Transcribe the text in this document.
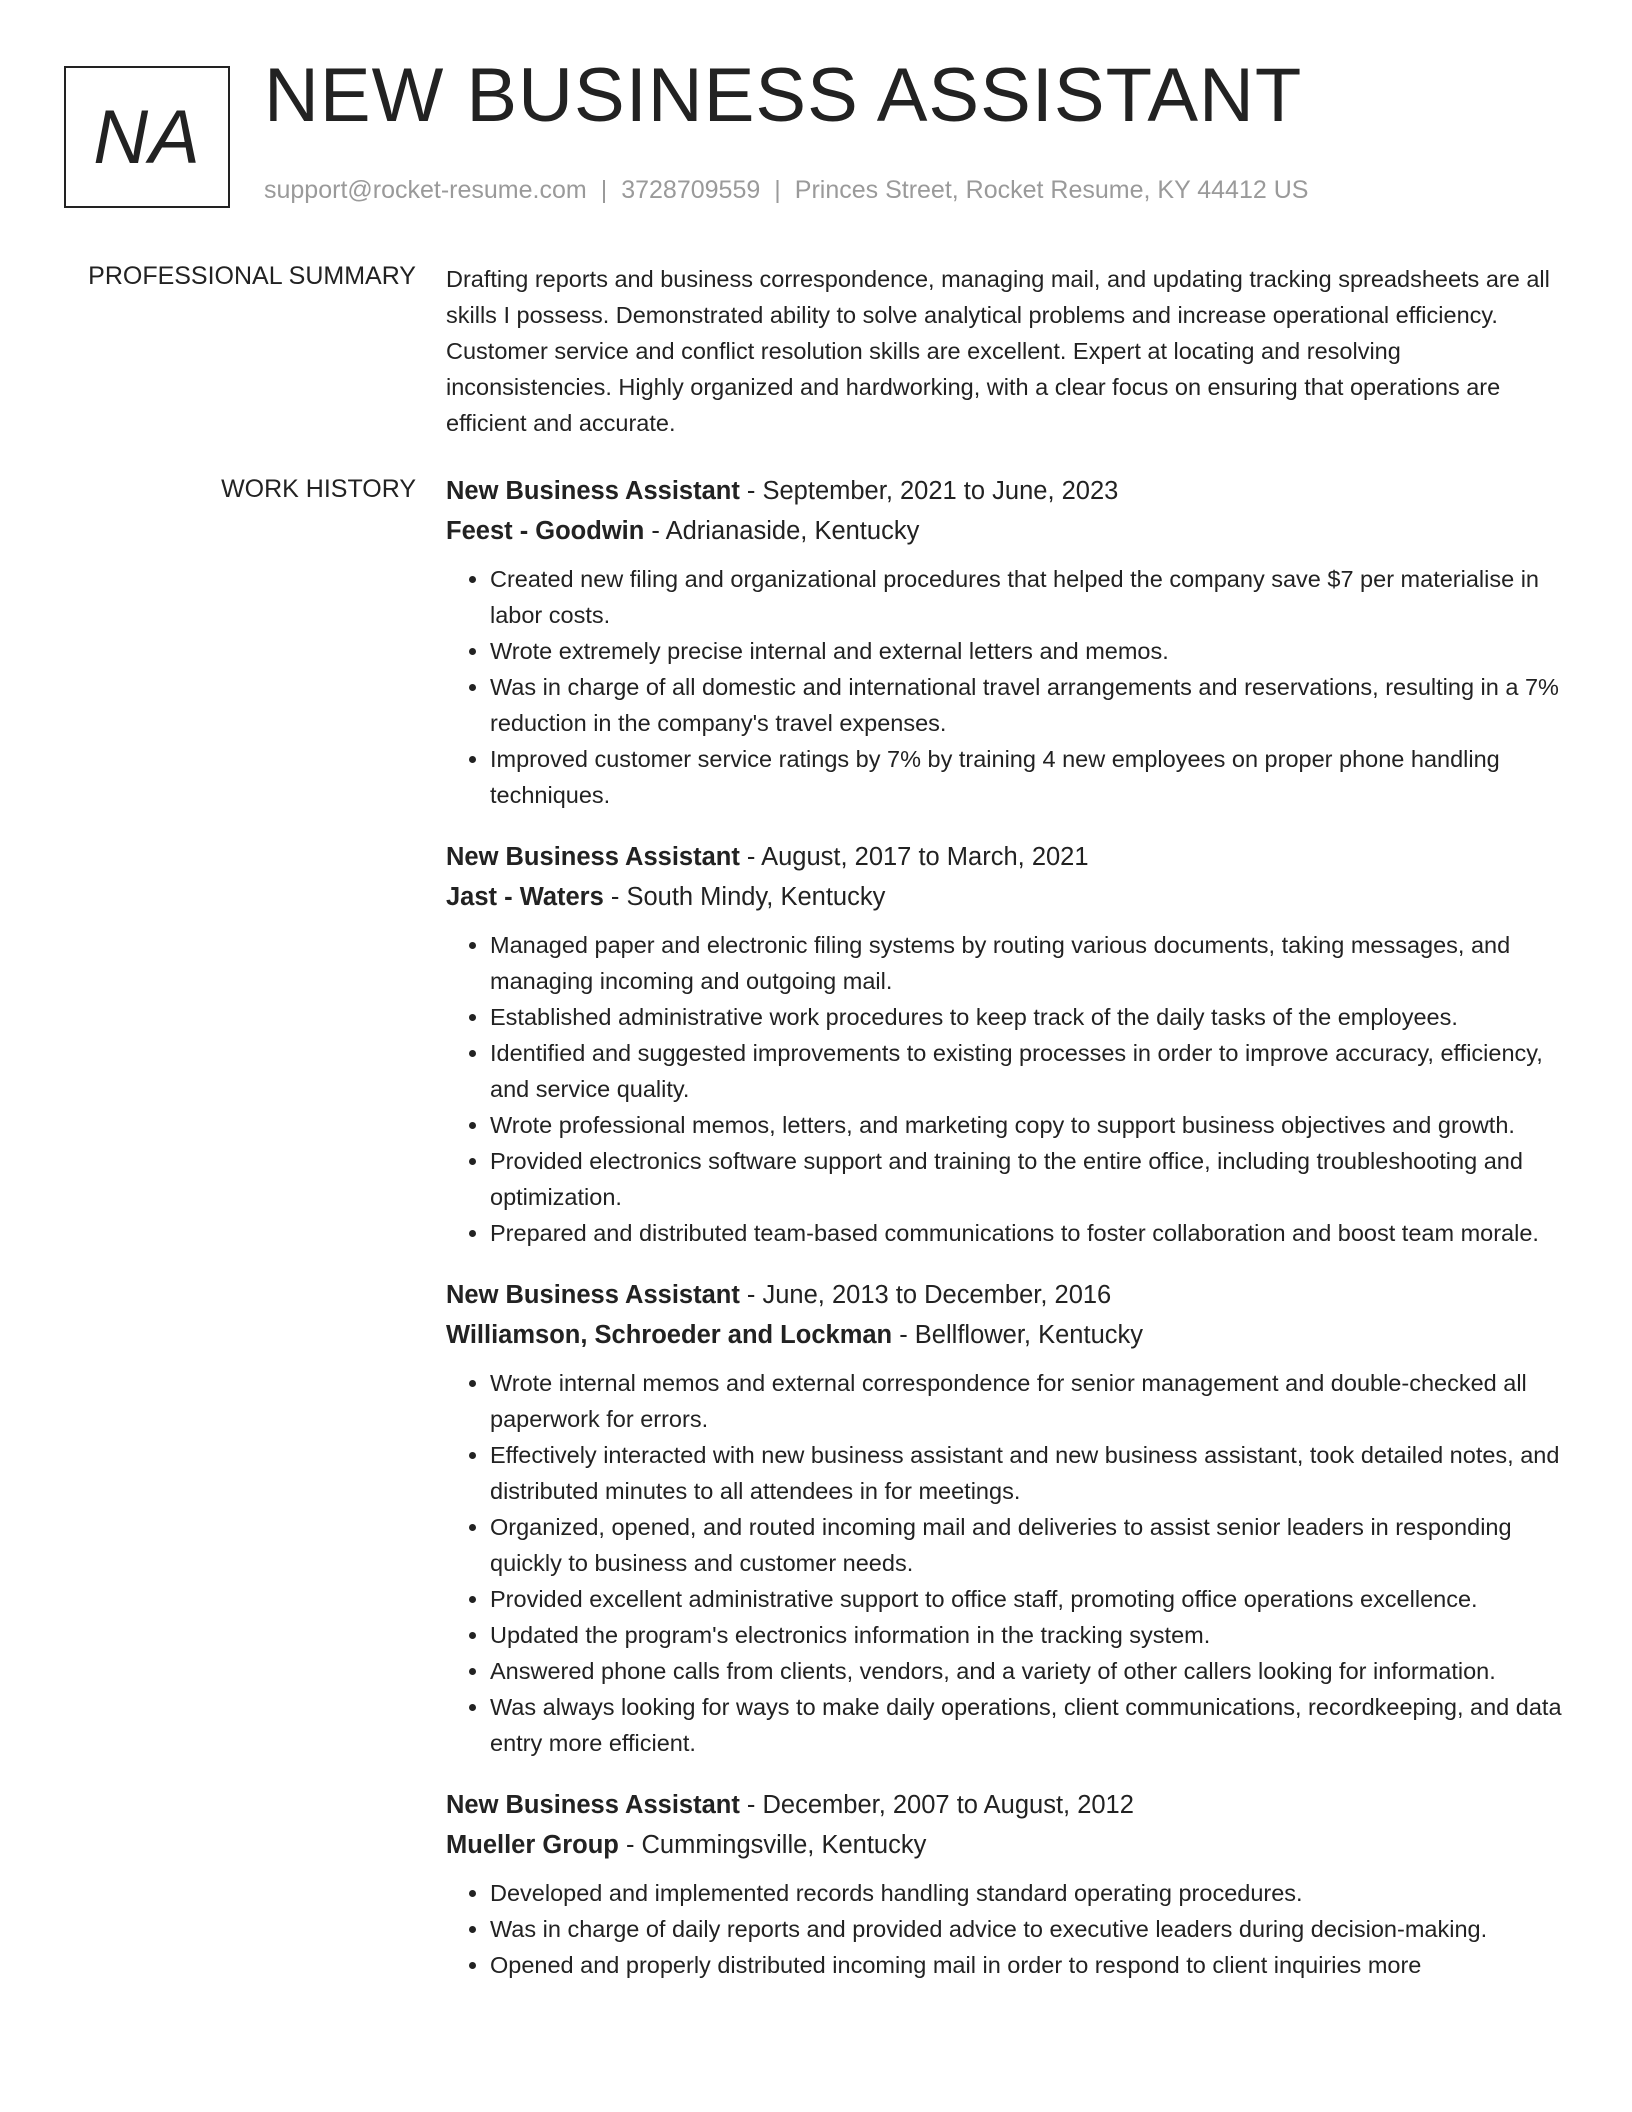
NA NEW BUSINESS ASSISTANT
support@rocket-resume.com | 3728709559 | Princes Street, Rocket Resume, KY 44412 US
PROFESSIONAL SUMMARY Drafting reports and business correspondence, managing mail, and updating tracking spreadsheets are all skills I possess. Demonstrated ability to solve analytical problems and increase operational efficiency. Customer service and conflict resolution skills are excellent. Expert at locating and resolving inconsistencies. Highly organized and hardworking, with a clear focus on ensuring that operations are efficient and accurate.
WORK HISTORY New Business Assistant - September, 2021 to June, 2023
Feest - Goodwin - Adrianaside, Kentucky
• Created new filing and organizational procedures that helped the company save $7 per materialise in labor costs.
• Wrote extremely precise internal and external letters and memos.
• Was in charge of all domestic and international travel arrangements and reservations, resulting in a 7% reduction in the company's travel expenses.
• Improved customer service ratings by 7% by training 4 new employees on proper phone handling techniques.
New Business Assistant - August, 2017 to March, 2021
Jast - Waters - South Mindy, Kentucky
• Managed paper and electronic filing systems by routing various documents, taking messages, and managing incoming and outgoing mail.
• Established administrative work procedures to keep track of the daily tasks of the employees.
• Identified and suggested improvements to existing processes in order to improve accuracy, efficiency, and service quality.
• Wrote professional memos, letters, and marketing copy to support business objectives and growth.
• Provided electronics software support and training to the entire office, including troubleshooting and optimization.
• Prepared and distributed team-based communications to foster collaboration and boost team morale.
New Business Assistant - June, 2013 to December, 2016
Williamson, Schroeder and Lockman - Bellflower, Kentucky
• Wrote internal memos and external correspondence for senior management and double-checked all paperwork for errors.
• Effectively interacted with new business assistant and new business assistant, took detailed notes, and distributed minutes to all attendees in for meetings.
• Organized, opened, and routed incoming mail and deliveries to assist senior leaders in responding quickly to business and customer needs.
• Provided excellent administrative support to office staff, promoting office operations excellence.
• Updated the program's electronics information in the tracking system.
• Answered phone calls from clients, vendors, and a variety of other callers looking for information.
• Was always looking for ways to make daily operations, client communications, recordkeeping, and data entry more efficient.
New Business Assistant - December, 2007 to August, 2012
Mueller Group - Cummingsville, Kentucky
• Developed and implemented records handling standard operating procedures.
• Was in charge of daily reports and provided advice to executive leaders during decision-making.
• Opened and properly distributed incoming mail in order to respond to client inquiries more
